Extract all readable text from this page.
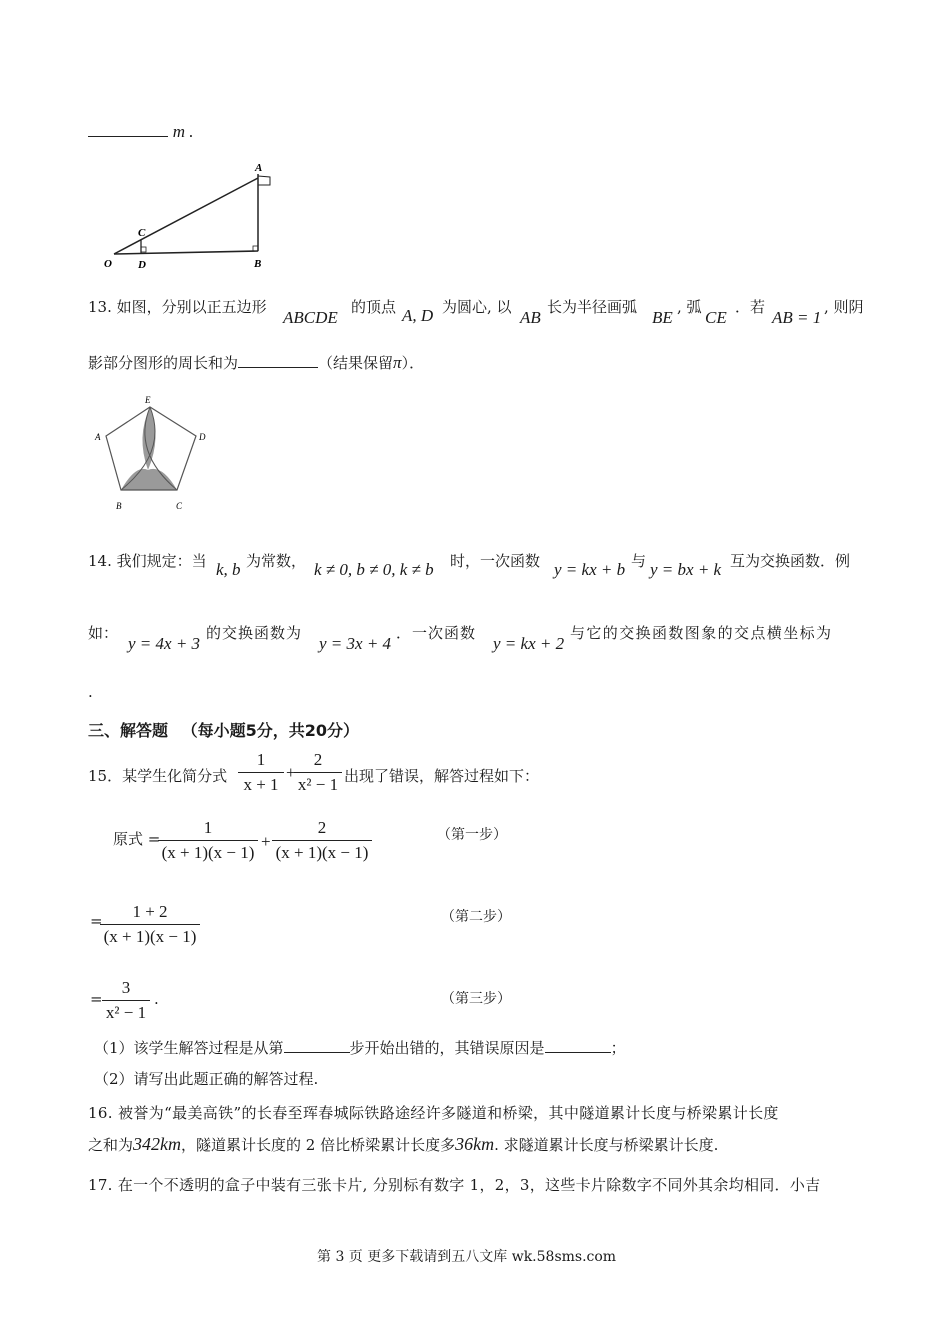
m .
A
C
O D	B
13. 如图，分别以正五边形
ABCDE
的顶点 A, D 为圆心, 以
AB
长为半径画弧
BE
, 弧
CE
．若
AB = 1
, 则阴
影部分图形的周长和为	（结果保留π）．
E
A	D
B	C
14. 我们规定：当 k, b 为常数， k ≠ 0, b ≠ 0, k ≠ b 时，一次函数 y = kx + b 与 y = bx + k 互为交换函数．例
如：
y = 4x + 3
的交换函数为
y = 3x + 4
．一次函数
y = kx + 2
与它的交换函数图象的交点横坐标为
.
三、解答题 （每小题5分，共20分）
15．某学生化简分式
1
x + 1
+
2
x² − 1 出现了错误，解答过程如下：
原式 =
1
(x + 1)(x − 1)
+
2
(x + 1)(x − 1)
（第一步）
=	1 + 2
(x + 1)(x − 1)
（第二步）
=
3
x² − 1
.	（第三步）
（1）该学生解答过程是从第	步开始出错的，其错误原因是	；
（2）请写出此题正确的解答过程.
16. 被誉为“最美高铁”的长春至珲春城际铁路途经许多隧道和桥梁，其中隧道累计长度与桥梁累计长度
之和为342km，隧道累计长度的 2 倍比桥梁累计长度多36km. 求隧道累计长度与桥梁累计长度.
17. 在一个不透明的盒子中装有三张卡片, 分别标有数字 1，2，3，这些卡片除数字不同外其余均相同．小吉
第 3 页 更多下载请到五八文库 wk.58sms.com
